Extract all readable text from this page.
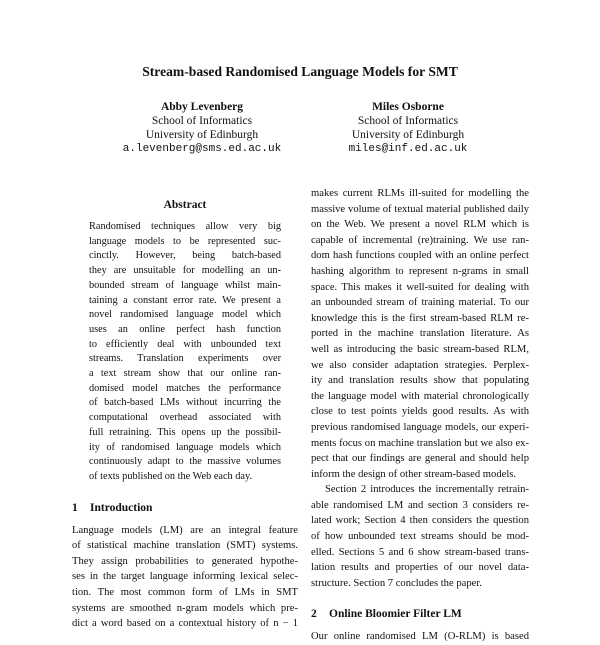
Stream-based Randomised Language Models for SMT
Abby Levenberg
School of Informatics
University of Edinburgh
a.levenberg@sms.ed.ac.uk
Miles Osborne
School of Informatics
University of Edinburgh
miles@inf.ed.ac.uk
Abstract
Randomised techniques allow very big
language models to be represented suc-
cinctly. However, being batch-based
they are unsuitable for modelling an un-
bounded stream of language whilst main-
taining a constant error rate. We present a
novel randomised language model which
uses an online perfect hash function
to efficiently deal with unbounded text
streams. Translation experiments over
a text stream show that our online ran-
domised model matches the performance
of batch-based LMs without incurring the
computational overhead associated with
full retraining. This opens up the possibil-
ity of randomised language models which
continuously adapt to the massive volumes
of texts published on the Web each day.
1 Introduction
Language models (LM) are an integral feature
of statistical machine translation (SMT) systems.
They assign probabilities to generated hypothe-
ses in the target language informing lexical selec-
tion. The most common form of LMs in SMT
systems are smoothed n-gram models which pre-
dict a word based on a contextual history of n − 1
makes current RLMs ill-suited for modelling the
massive volume of textual material published daily
on the Web. We present a novel RLM which is
capable of incremental (re)training. We use ran-
dom hash functions coupled with an online perfect
hashing algorithm to represent n-grams in small
space. This makes it well-suited for dealing with
an unbounded stream of training material. To our
knowledge this is the first stream-based RLM re-
ported in the machine translation literature. As
well as introducing the basic stream-based RLM,
we also consider adaptation strategies. Perplex-
ity and translation results show that populating
the language model with material chronologically
close to test points yields good results. As with
previous randomised language models, our experi-
ments focus on machine translation but we also ex-
pect that our findings are general and should help
inform the design of other stream-based models.
Section 2 introduces the incrementally retrain-
able randomised LM and section 3 considers re-
lated work; Section 4 then considers the question
of how unbounded text streams should be mod-
elled. Sections 5 and 6 show stream-based trans-
lation results and properties of our novel data-
structure. Section 7 concludes the paper.
2 Online Bloomier Filter LM
Our online randomised LM (O-RLM) is based
